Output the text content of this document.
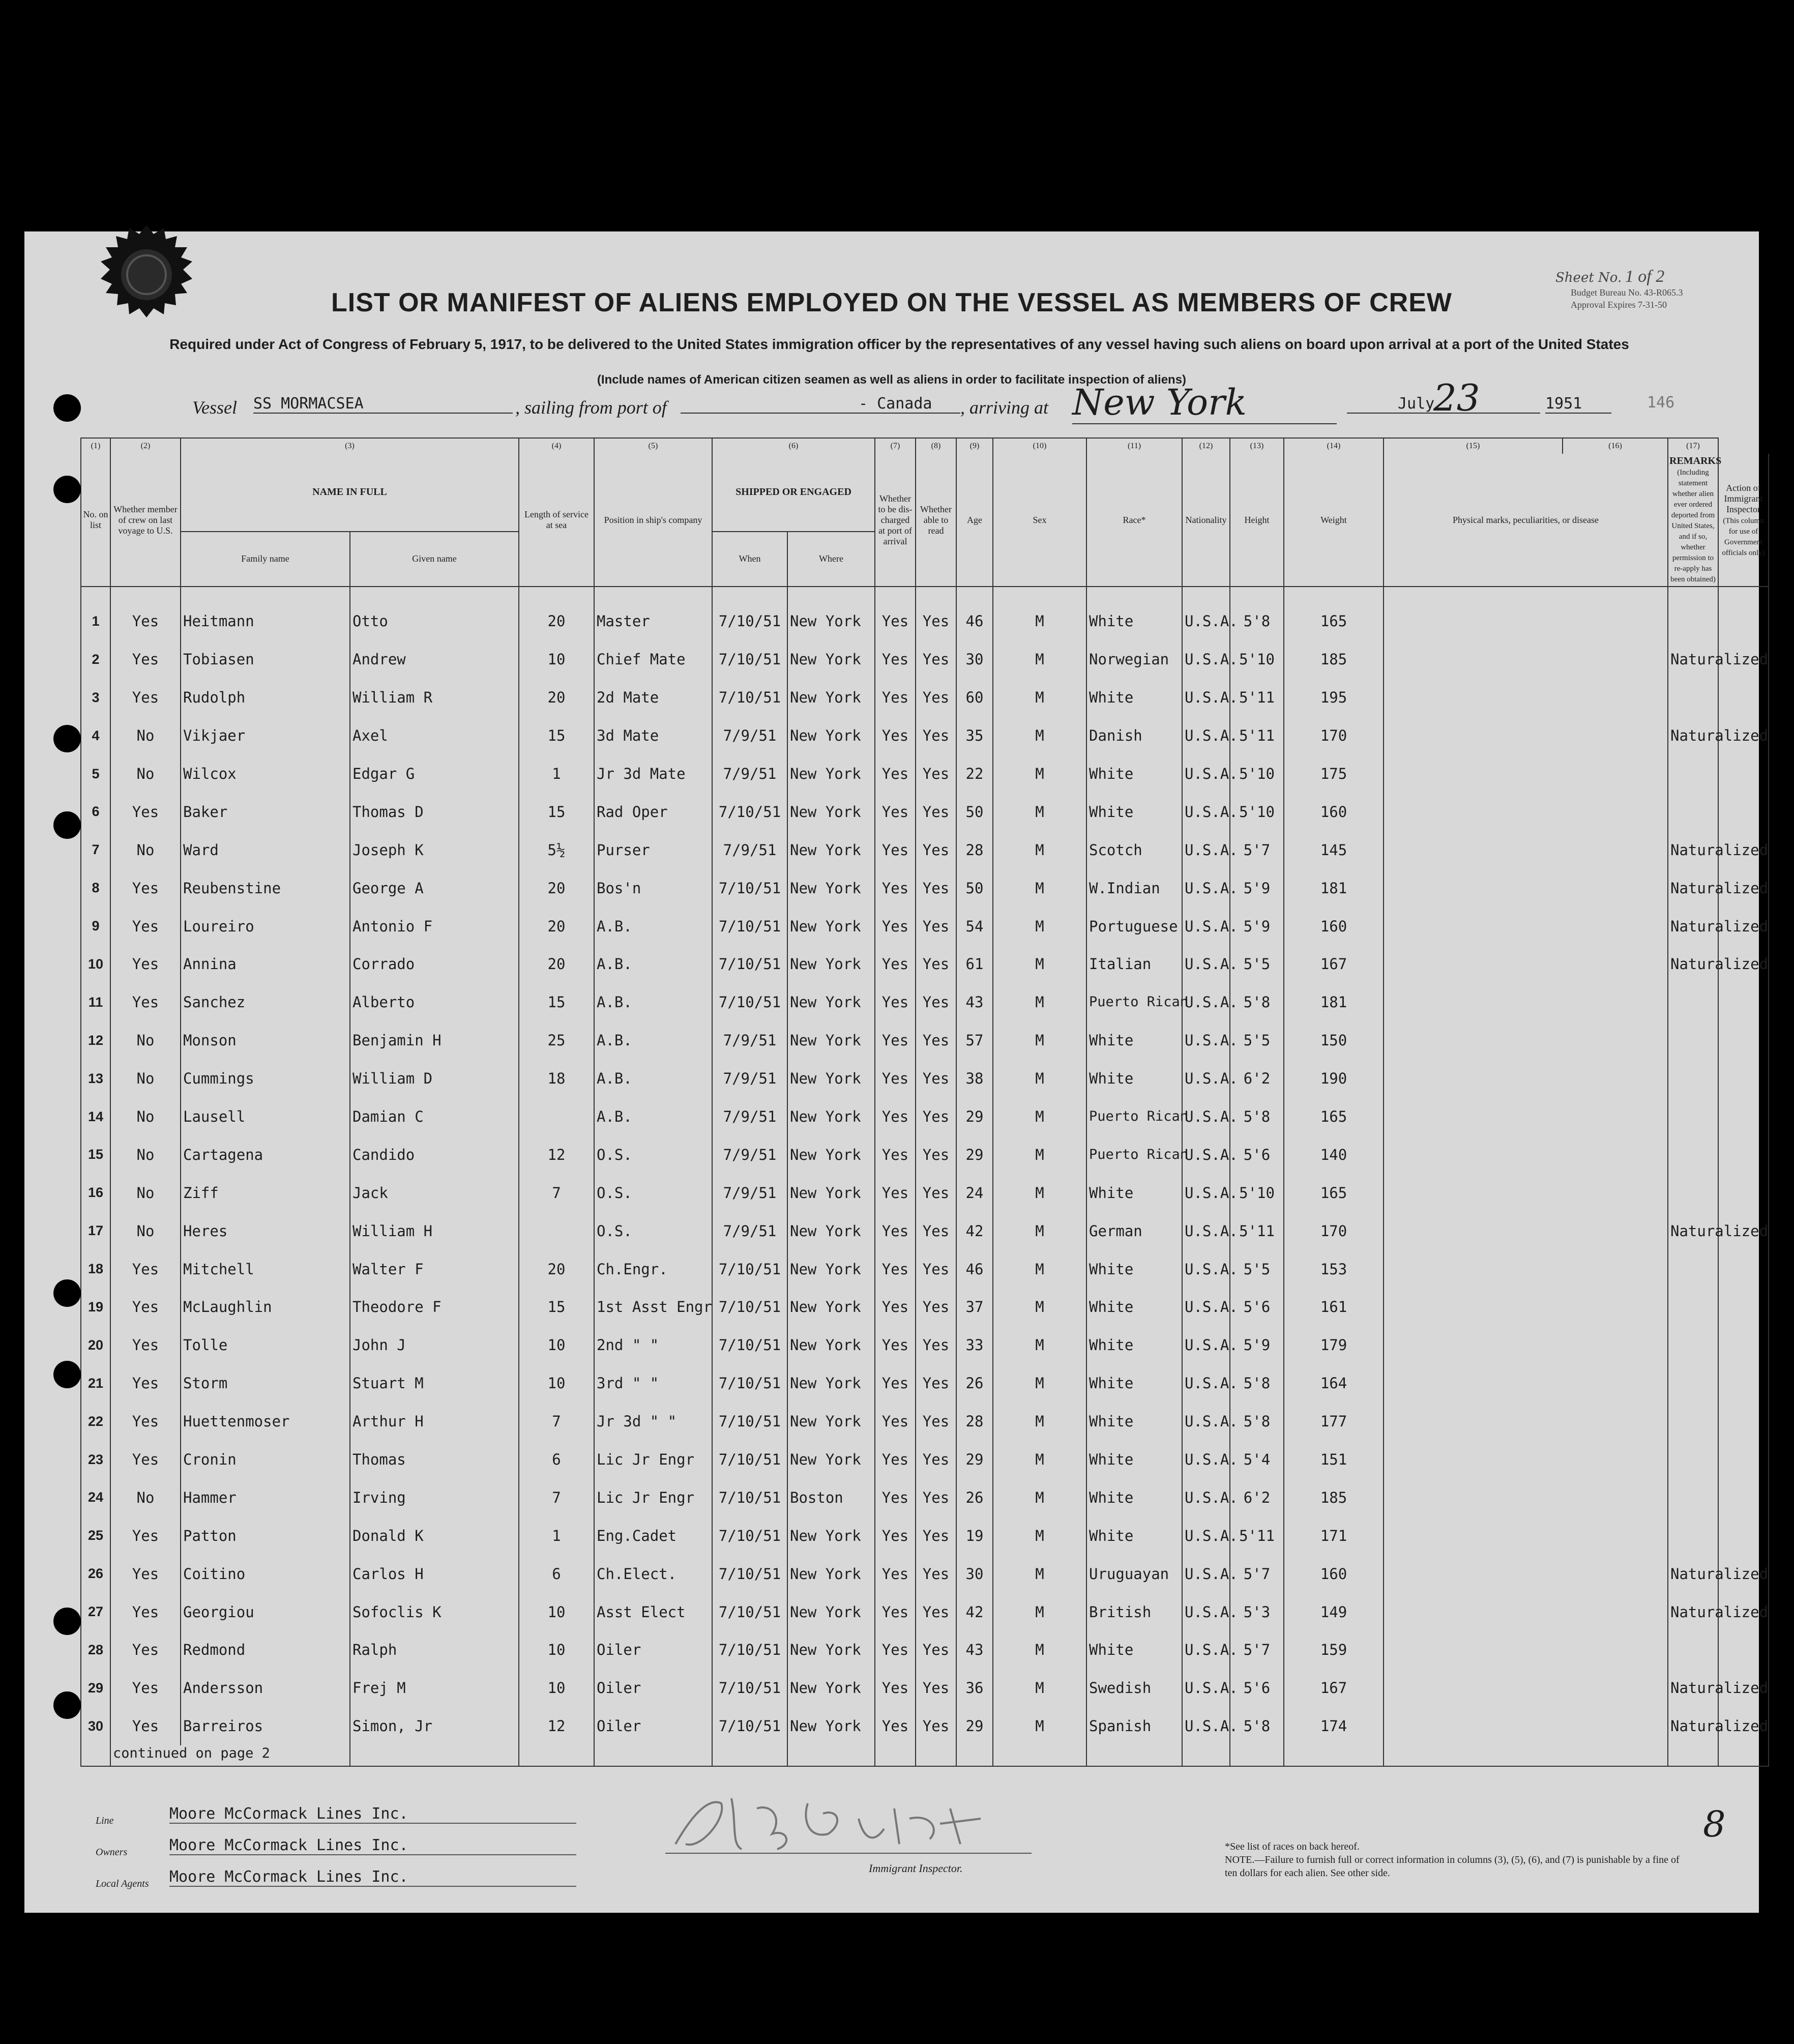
Sheet No. 1 of 2
Budget Bureau No. 43-R065.3
Approval Expires 7-31-50
LIST OR MANIFEST OF ALIENS EMPLOYED ON THE VESSEL AS MEMBERS OF CREW
Required under Act of Congress of February 5, 1917, to be delivered to the United States immigration officer by the representatives of any vessel having such aliens on board upon arrival at a port of the United States
(Include names of American citizen seamen as well as aliens in order to facilitate inspection of aliens)
Vessel SS MORMACSEA	, sailing from port of	- Canada	, arriving at New York	July
23	1951	146
(1)	(2)	(3)		(4)	(5)	(6)		(7)	(8)	(9)	(10)	(11)	(12)	(13)	(14)	(15)	(16)	(17)	
No. on list	Whether member of crew on last voyage to U.S.	NAME IN FULL		Length of service at sea	Position in ship's company	SHIPPED OR ENGAGED		Whether to be dis-charged at port of arrival	Whether able to read	Age	Sex	Race*	Nationality	Height	Weight	Physical marks, peculiarities, or disease		REMARKS
(Including statement whether alien ever ordered deported from United States, and if so, whether permission to re-apply has been obtained)	Action of Immigrant Inspector
(This column for use of Government officials only)
		Family name	Given name			When	Where												
1	Yes	Heitmann	Otto	20	Master	7/10/51	New York	Yes	Yes	46	M	White	U.S.A.	5'8	165				
2	Yes	Tobiasen	Andrew	10	Chief Mate	7/10/51	New York	Yes	Yes	30	M	Norwegian	U.S.A.	5'10	185			Naturalized	
3	Yes	Rudolph	William R	20	2d Mate	7/10/51	New York	Yes	Yes	60	M	White	U.S.A.	5'11	195				
4	No	Vikjaer	Axel	15	3d Mate	7/9/51	New York	Yes	Yes	35	M	Danish	U.S.A.	5'11	170			Naturalized	
5	No	Wilcox	Edgar G	1	Jr 3d Mate	7/9/51	New York	Yes	Yes	22	M	White	U.S.A.	5'10	175				
6	Yes	Baker	Thomas D	15	Rad Oper	7/10/51	New York	Yes	Yes	50	M	White	U.S.A.	5'10	160				
7	No	Ward	Joseph K	5½	Purser	7/9/51	New York	Yes	Yes	28	M	Scotch	U.S.A.	5'7	145			Naturalized	
8	Yes	Reubenstine	George A	20	Bos'n	7/10/51	New York	Yes	Yes	50	M	W.Indian	U.S.A.	5'9	181			Naturalized	
9	Yes	Loureiro	Antonio F	20	A.B.	7/10/51	New York	Yes	Yes	54	M	Portuguese	U.S.A.	5'9	160			Naturalized	
10	Yes	Annina	Corrado	20	A.B.	7/10/51	New York	Yes	Yes	61	M	Italian	U.S.A.	5'5	167			Naturalized	
11	Yes	Sanchez	Alberto	15	A.B.	7/10/51	New York	Yes	Yes	43	M	Puerto Rican	U.S.A.	5'8	181				
12	No	Monson	Benjamin H	25	A.B.	7/9/51	New York	Yes	Yes	57	M	White	U.S.A.	5'5	150				
13	No	Cummings	William D	18	A.B.	7/9/51	New York	Yes	Yes	38	M	White	U.S.A.	6'2	190				
14	No	Lausell	Damian C		A.B.	7/9/51	New York	Yes	Yes	29	M	Puerto Rican	U.S.A.	5'8	165				
15	No	Cartagena	Candido	12	O.S.	7/9/51	New York	Yes	Yes	29	M	Puerto Rican	U.S.A.	5'6	140				
16	No	Ziff	Jack	7	O.S.	7/9/51	New York	Yes	Yes	24	M	White	U.S.A.	5'10	165				
17	No	Heres	William H		O.S.	7/9/51	New York	Yes	Yes	42	M	German	U.S.A.	5'11	170			Naturalized	
18	Yes	Mitchell	Walter F	20	Ch.Engr.	7/10/51	New York	Yes	Yes	46	M	White	U.S.A.	5'5	153				
19	Yes	McLaughlin	Theodore F	15	1st Asst Engr	7/10/51	New York	Yes	Yes	37	M	White	U.S.A.	5'6	161				
20	Yes	Tolle	John J	10	2nd " "	7/10/51	New York	Yes	Yes	33	M	White	U.S.A.	5'9	179				
21	Yes	Storm	Stuart M	10	3rd " "	7/10/51	New York	Yes	Yes	26	M	White	U.S.A.	5'8	164				
22	Yes	Huettenmoser	Arthur H	7	Jr 3d " "	7/10/51	New York	Yes	Yes	28	M	White	U.S.A.	5'8	177				
23	Yes	Cronin	Thomas	6	Lic Jr Engr	7/10/51	New York	Yes	Yes	29	M	White	U.S.A.	5'4	151				
24	No	Hammer	Irving	7	Lic Jr Engr	7/10/51	Boston	Yes	Yes	26	M	White	U.S.A.	6'2	185				
25	Yes	Patton	Donald K	1	Eng.Cadet	7/10/51	New York	Yes	Yes	19	M	White	U.S.A.	5'11	171				
26	Yes	Coitino	Carlos H	6	Ch.Elect.	7/10/51	New York	Yes	Yes	30	M	Uruguayan	U.S.A.	5'7	160			Naturalized	
27	Yes	Georgiou	Sofoclis K	10	Asst Elect	7/10/51	New York	Yes	Yes	42	M	British	U.S.A.	5'3	149			Naturalized	
28	Yes	Redmond	Ralph	10	Oiler	7/10/51	New York	Yes	Yes	43	M	White	U.S.A.	5'7	159				
29	Yes	Andersson	Frej M	10	Oiler	7/10/51	New York	Yes	Yes	36	M	Swedish	U.S.A.	5'6	167			Naturalized	
30	Yes	Barreiros	Simon, Jr	12	Oiler	7/10/51	New York	Yes	Yes	29	M	Spanish	U.S.A.	5'8	174			Naturalized	
	continued on page 2																		
Line	Moore McCormack Lines Inc.
Owners	Moore McCormack Lines Inc.
Local Agents	Moore McCormack Lines Inc.	Immigrant Inspector.
*See list of races on back hereof.
NOTE.—Failure to furnish full or correct information in columns (3), (5), (6), and (7) is punishable by a fine of ten dollars for each alien. See other side.
8
